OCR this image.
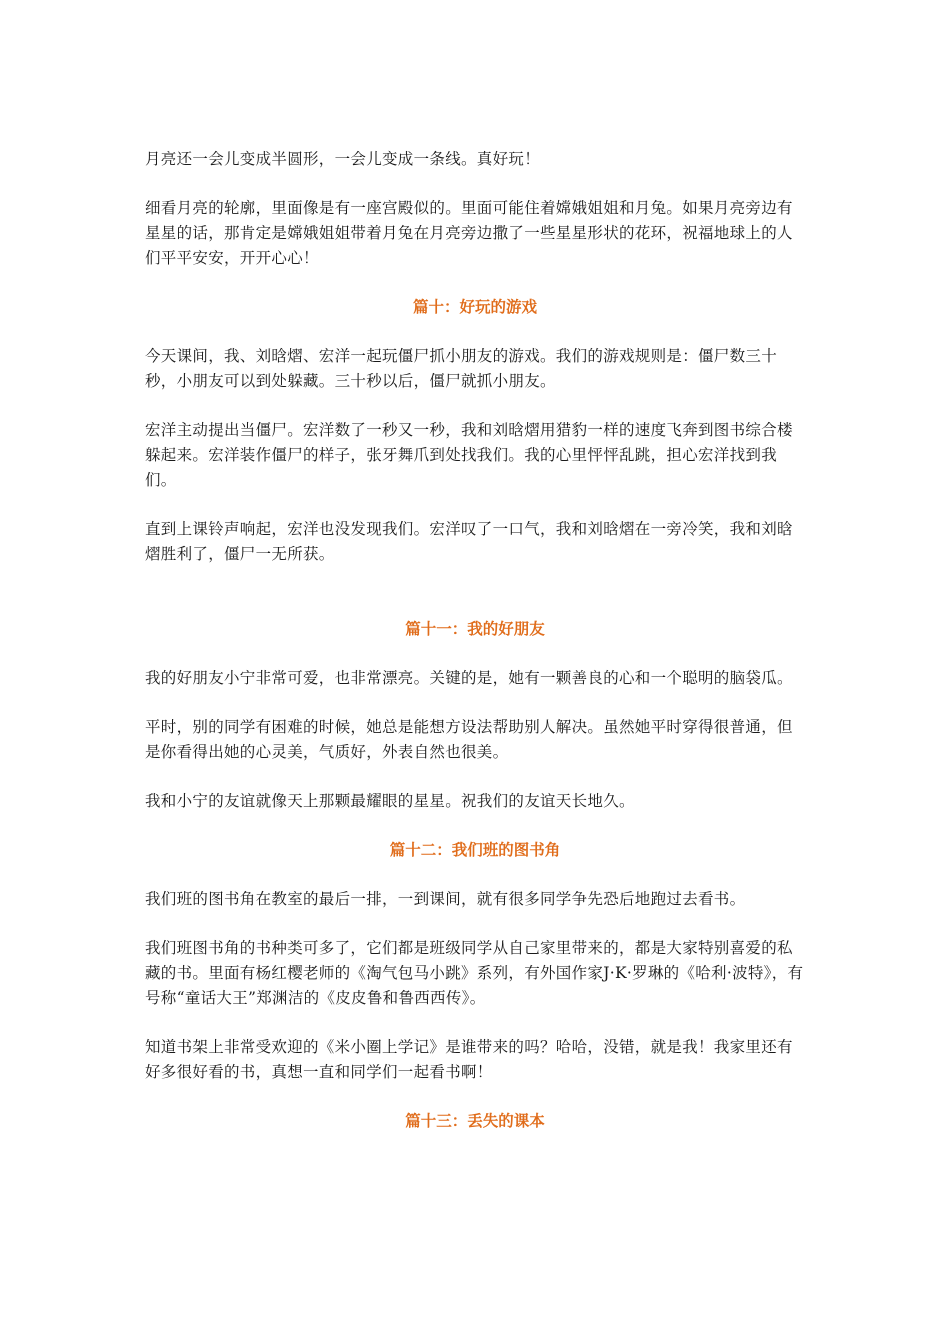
月亮还一会儿变成半圆形，一会儿变成一条线。真好玩！

细看月亮的轮廓，里面像是有一座宫殿似的。里面可能住着嫦娥姐姐和月兔。如果月亮旁边有星星的话，那肯定是嫦娥姐姐带着月兔在月亮旁边撒了一些星星形状的花环，祝福地球上的人们平平安安，开开心心！

篇十：好玩的游戏

今天课间，我、刘晗熠、宏洋一起玩僵尸抓小朋友的游戏。我们的游戏规则是：僵尸数三十秒，小朋友可以到处躲藏。三十秒以后，僵尸就抓小朋友。

宏洋主动提出当僵尸。宏洋数了一秒又一秒，我和刘晗熠用猎豹一样的速度飞奔到图书综合楼躲起来。宏洋装作僵尸的样子，张牙舞爪到处找我们。我的心里怦怦乱跳，担心宏洋找到我们。

直到上课铃声响起，宏洋也没发现我们。宏洋叹了一口气，我和刘晗熠在一旁冷笑，我和刘晗熠胜利了，僵尸一无所获。

篇十一：我的好朋友

我的好朋友小宁非常可爱，也非常漂亮。关键的是，她有一颗善良的心和一个聪明的脑袋瓜。

平时，别的同学有困难的时候，她总是能想方设法帮助别人解决。虽然她平时穿得很普通，但是你看得出她的心灵美，气质好，外表自然也很美。

我和小宁的友谊就像天上那颗最耀眼的星星。祝我们的友谊天长地久。

篇十二：我们班的图书角

我们班的图书角在教室的最后一排，一到课间，就有很多同学争先恐后地跑过去看书。

我们班图书角的书种类可多了，它们都是班级同学从自己家里带来的，都是大家特别喜爱的私藏的书。里面有杨红樱老师的《淘气包马小跳》系列，有外国作家J·K·罗琳的《哈利·波特》，有号称“童话大王”郑渊洁的《皮皮鲁和鲁西西传》。

知道书架上非常受欢迎的《米小圈上学记》是谁带来的吗？哈哈，没错，就是我！我家里还有好多很好看的书，真想一直和同学们一起看书啊！

篇十三：丢失的课本
